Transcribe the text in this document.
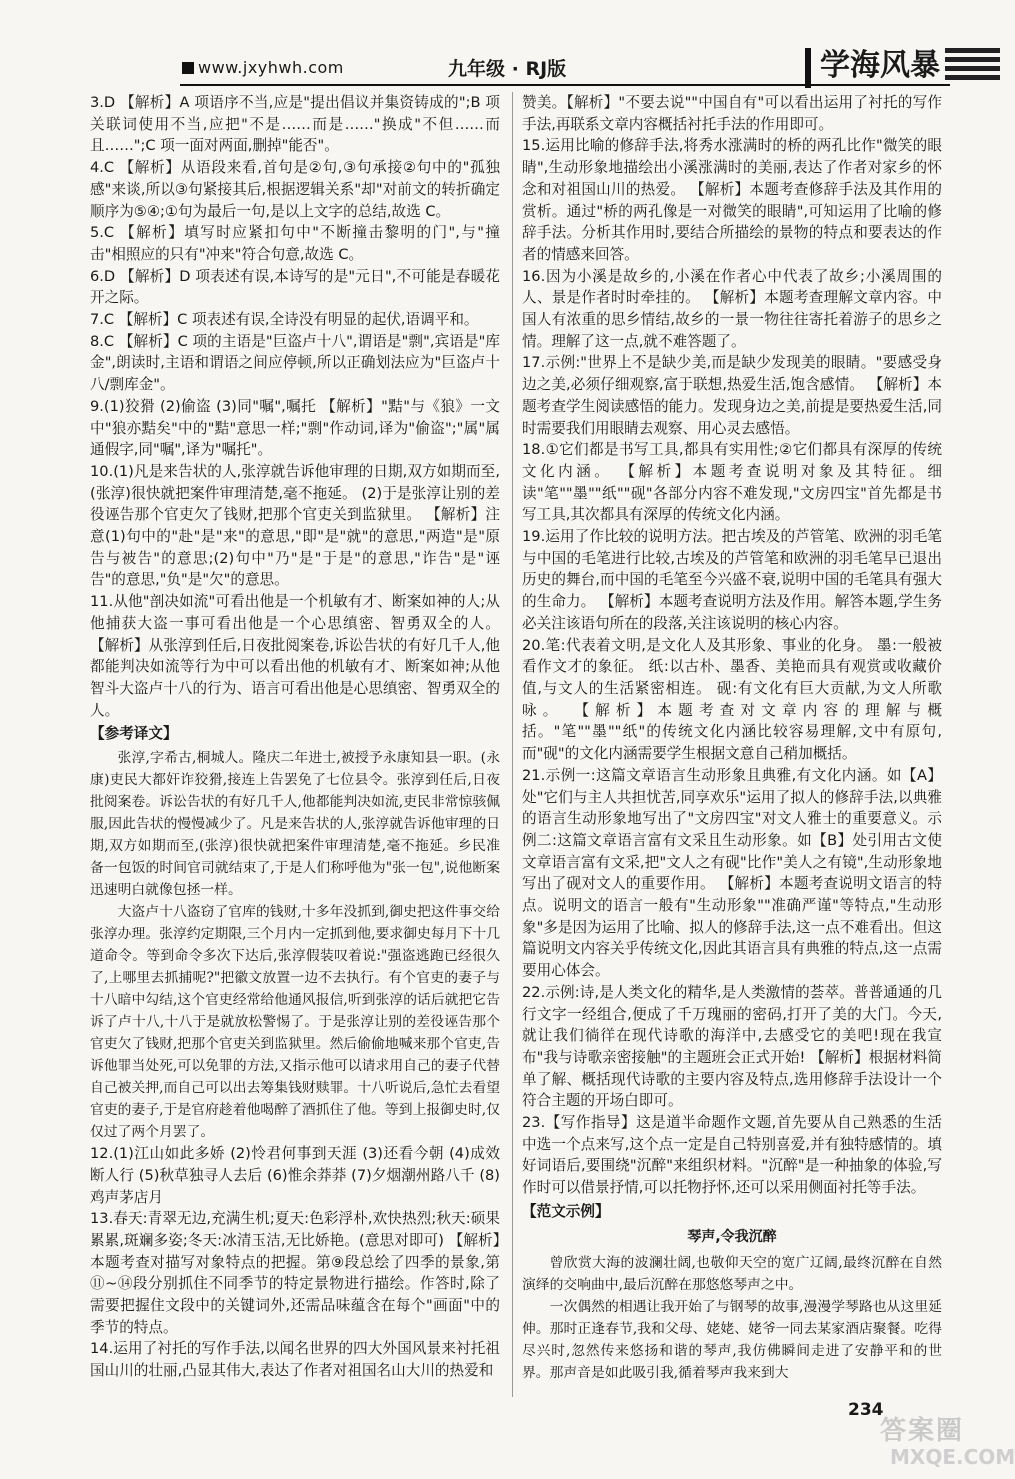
www.jxyhwh.com	九年级 · RJ版	学海风暴

3.D 【解析】A 项语序不当,应是"提出倡议并集资铸成的";B 项关联词使用不当,应把"不是……而是……"换成"不但……而且……";C 项一面对两面,删掉"能否"。

4.C 【解析】从语段来看,首句是②句,③句承接②句中的"孤独感"来谈,所以③句紧接其后,根据逻辑关系"却"对前文的转折确定顺序为⑤④;①句为最后一句,是以上文字的总结,故选 C。

5.C 【解析】填写时应紧扣句中"不断撞击黎明的门",与"撞击"相照应的只有"冲来"符合句意,故选 C。

6.D 【解析】D 项表述有误,本诗写的是"元日",不可能是春暖花开之际。

7.C 【解析】C 项表述有误,全诗没有明显的起伏,语调平和。

8.C 【解析】C 项的主语是"巨盗卢十八",谓语是"剽",宾语是"库金",朗读时,主语和谓语之间应停顿,所以正确划法应为"巨盗卢十八/剽库金"。

9.(1)狡猾 (2)偷盗 (3)同"嘱",嘱托 【解析】"黠"与《狼》一文中"狼亦黠矣"中的"黠"意思一样;"剽"作动词,译为"偷盗";"属"属通假字,同"嘱",译为"嘱托"。

10.(1)凡是来告状的人,张淳就告诉他审理的日期,双方如期而至,(张淳)很快就把案件审理清楚,毫不拖延。 (2)于是张淳让别的差役诬告那个官吏欠了钱财,把那个官吏关到监狱里。 【解析】注意(1)句中的"赴"是"来"的意思,"即"是"就"的意思,"两造"是"原告与被告"的意思;(2)句中"乃"是"于是"的意思,"诈告"是"诬告"的意思,"负"是"欠"的意思。

11.从他"剖决如流"可看出他是一个机敏有才、断案如神的人;从他捕获大盗一事可看出他是一个心思缜密、智勇双全的人。 【解析】从张淳到任后,日夜批阅案卷,诉讼告状的有好几千人,他都能判决如流等行为中可以看出他的机敏有才、断案如神;从他智斗大盗卢十八的行为、语言可看出他是心思缜密、智勇双全的人。

【参考译文】

张淳,字希古,桐城人。隆庆二年进士,被授予永康知县一职。(永康)吏民大都奸诈狡猾,接连上告罢免了七位县令。张淳到任后,日夜批阅案卷。诉讼告状的有好几千人,他都能判决如流,吏民非常惊骇佩服,因此告状的慢慢减少了。凡是来告状的人,张淳就告诉他审理的日期,双方如期而至,(张淳)很快就把案件审理清楚,毫不拖延。乡民准备一包饭的时间官司就结束了,于是人们称呼他为"张一包",说他断案迅速明白就像包拯一样。

大盗卢十八盗窃了官库的钱财,十多年没抓到,御史把这件事交给张淳办理。张淳约定期限,三个月内一定抓到他,要求御史每月下十几道命令。等到命令多次下达后,张淳假装叹着说:"强盗逃跑已经很久了,上哪里去抓捕呢?"把徽文放置一边不去执行。有个官吏的妻子与十八暗中勾结,这个官吏经常给他通风报信,听到张淳的话后就把它告诉了卢十八,十八于是就放松警惕了。于是张淳让别的差役诬告那个官吏欠了钱财,把那个官吏关到监狱里。然后偷偷地喊来那个官吏,告诉他罪当处死,可以免罪的方法,又指示他可以请求用自己的妻子代替自己被关押,而自己可以出去筹集钱财赎罪。十八听说后,急忙去看望官吏的妻子,于是官府趁着他喝醉了酒抓住了他。等到上报御史时,仅仅过了两个月罢了。

12.(1)江山如此多娇 (2)怜君何事到天涯 (3)还看今朝 (4)成效断人行 (5)秋草独寻人去后 (6)惟余莽莽 (7)夕烟潮州路八千 (8)鸡声茅店月

13.春天:青翠无边,充满生机;夏天:色彩浮朴,欢快热烈;秋天:硕果累累,斑斓多姿;冬天:冰清玉洁,无比娇艳。(意思对即可) 【解析】本题考查对描写对象特点的把握。第⑨段总绘了四季的景象,第⑪~⑭段分别抓住不同季节的特定景物进行描绘。作答时,除了需要把握住文段中的关键词外,还需品味蕴含在每个"画面"中的季节的特点。

14.运用了衬托的写作手法,以闻名世界的四大外国风景来衬托祖国山川的壮丽,凸显其伟大,表达了作者对祖国名山大川的热爱和

赞美。【解析】"不要去说""中国自有"可以看出运用了衬托的写作手法,再联系文章内容概括衬托手法的作用即可。

15.运用比喻的修辞手法,将秀水涨满时的桥的两孔比作"微笑的眼睛",生动形象地描绘出小溪涨满时的美丽,表达了作者对家乡的怀念和对祖国山川的热爱。 【解析】本题考查修辞手法及其作用的赏析。通过"桥的两孔像是一对微笑的眼睛",可知运用了比喻的修辞手法。分析其作用时,要结合所描绘的景物的特点和要表达的作者的情感来回答。

16.因为小溪是故乡的,小溪在作者心中代表了故乡;小溪周围的人、景是作者时时牵挂的。 【解析】本题考查理解文章内容。中国人有浓重的思乡情结,故乡的一景一物往往寄托着游子的思乡之情。理解了这一点,就不难答题了。

17.示例:"世界上不是缺少美,而是缺少发现美的眼睛。"要感受身边之美,必须仔细观察,富于联想,热爱生活,饱含感情。 【解析】本题考查学生阅读感悟的能力。发现身边之美,前提是要热爱生活,同时需要我们用眼睛去观察、用心灵去感悟。

18.①它们都是书写工具,都具有实用性;②它们都具有深厚的传统文化内涵。 【解析】本题考查说明对象及其特征。细读"笔""墨""纸""砚"各部分内容不难发现,"文房四宝"首先都是书写工具,其次都具有深厚的传统文化内涵。

19.运用了作比较的说明方法。把古埃及的芦管笔、欧洲的羽毛笔与中国的毛笔进行比较,古埃及的芦管笔和欧洲的羽毛笔早已退出历史的舞台,而中国的毛笔至今兴盛不衰,说明中国的毛笔具有强大的生命力。 【解析】本题考查说明方法及作用。解答本题,学生务必关注该语句所在的段落,关注该说明的核心内容。

20.笔:代表着文明,是文化人及其形象、事业的化身。 墨:一般被看作文才的象征。 纸:以古朴、墨香、美艳而具有观赏或收藏价值,与文人的生活紧密相连。 砚:有文化有巨大贡献,为文人所歌咏。 【解析】本题考查对文章内容的理解与概括。"笔""墨""纸"的传统文化内涵比较容易理解,文中有原句,而"砚"的文化内涵需要学生根据文意自己稍加概括。

21.示例一:这篇文章语言生动形象且典雅,有文化内涵。如【A】处"它们与主人共担忧苦,同享欢乐"运用了拟人的修辞手法,以典雅的语言生动形象地写出了"文房四宝"对文人雅士的重要意义。示例二:这篇文章语言富有文采且生动形象。如【B】处引用古文使文章语言富有文采,把"文人之有砚"比作"美人之有镜",生动形象地写出了砚对文人的重要作用。 【解析】本题考查说明文语言的特点。说明文的语言一般有"生动形象""准确严谨"等特点,"生动形象"多是因为运用了比喻、拟人的修辞手法,这一点不难看出。但这篇说明文内容关乎传统文化,因此其语言具有典雅的特点,这一点需要用心体会。

22.示例:诗,是人类文化的精华,是人类激情的荟萃。普普通通的几行文字一经组合,便成了千万瑰丽的密码,打开了美的大门。今天,就让我们徜徉在现代诗歌的海洋中,去感受它的美吧!现在我宣布"我与诗歌亲密接触"的主题班会正式开始! 【解析】根据材料简单了解、概括现代诗歌的主要内容及特点,选用修辞手法设计一个符合主题的开场白即可。

23.【写作指导】这是道半命题作文题,首先要从自己熟悉的生活中选一个点来写,这个点一定是自己特别喜爱,并有独特感情的。填好词语后,要围绕"沉醉"来组织材料。"沉醉"是一种抽象的体验,写作时可以借景抒情,可以托物抒怀,还可以采用侧面衬托等手法。

【范文示例】

琴声,令我沉醉

曾欣赏大海的波澜壮阔,也敬仰天空的宽广辽阔,最终沉醉在自然演绎的交响曲中,最后沉醉在那悠悠琴声之中。

一次偶然的相遇让我开始了与钢琴的故事,漫漫学琴路也从这里延伸。那时正逢春节,我和父母、姥姥、姥爷一同去某家酒店聚餐。吃得尽兴时,忽然传来悠扬和谐的琴声,我仿佛瞬间走进了安静平和的世界。那声音是如此吸引我,循着琴声我来到大

234
答案圈
MXQE.COM
